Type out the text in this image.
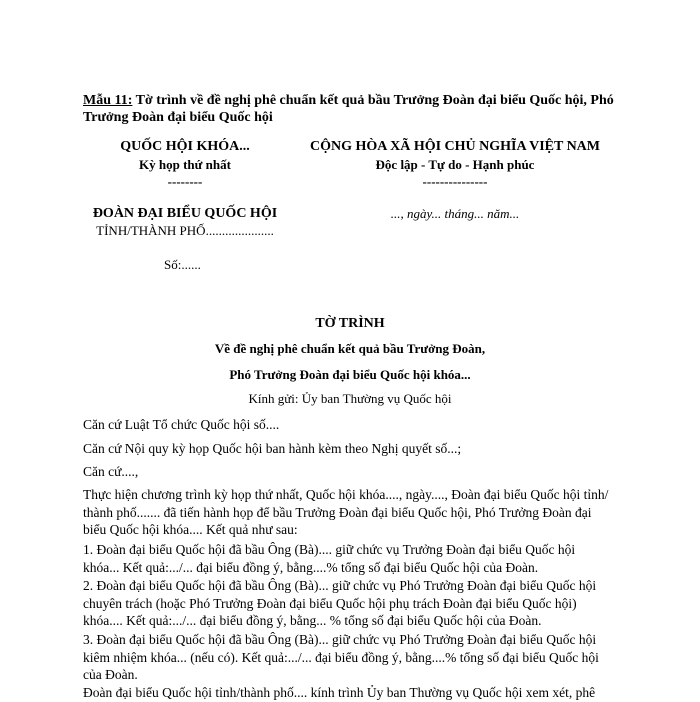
Mẫu 11: Tờ trình về đề nghị phê chuẩn kết quả bầu Trưởng Đoàn đại biểu Quốc hội, Phó
Trưởng Đoàn đại biểu Quốc hội
QUỐC HỘI KHÓA...
Kỳ họp thứ nhất
--------
ĐOÀN ĐẠI BIỂU QUỐC HỘI
TỈNH/THÀNH PHỐ.....................
Số:......
CỘNG HÒA XÃ HỘI CHỦ NGHĨA VIỆT NAM
Độc lập - Tự do - Hạnh phúc
---------------
..., ngày... tháng... năm...
TỜ TRÌNH
Về đề nghị phê chuẩn kết quả bầu Trưởng Đoàn,
Phó Trưởng Đoàn đại biểu Quốc hội khóa...
Kính gửi: Ủy ban Thường vụ Quốc hội
Căn cứ Luật Tổ chức Quốc hội số....
Căn cứ Nội quy kỳ họp Quốc hội ban hành kèm theo Nghị quyết số...;
Căn cứ....,
Thực hiện chương trình kỳ họp thứ nhất, Quốc hội khóa...., ngày...., Đoàn đại biểu Quốc hội tỉnh/
thành phố....... đã tiến hành họp để bầu Trưởng Đoàn đại biểu Quốc hội, Phó Trưởng Đoàn đại
biểu Quốc hội khóa.... Kết quả như sau:
1. Đoàn đại biểu Quốc hội đã bầu Ông (Bà).... giữ chức vụ Trưởng Đoàn đại biểu Quốc hội
khóa... Kết quả:.../... đại biểu đồng ý, bằng....% tổng số đại biểu Quốc hội của Đoàn.
2. Đoàn đại biểu Quốc hội đã bầu Ông (Bà)... giữ chức vụ Phó Trưởng Đoàn đại biểu Quốc hội
chuyên trách (hoặc Phó Trưởng Đoàn đại biểu Quốc hội phụ trách Đoàn đại biểu Quốc hội)
khóa.... Kết quả:.../... đại biểu đồng ý, bằng... % tổng số đại biểu Quốc hội của Đoàn.
3. Đoàn đại biểu Quốc hội đã bầu Ông (Bà)... giữ chức vụ Phó Trưởng Đoàn đại biểu Quốc hội
kiêm nhiệm khóa... (nếu có). Kết quả:.../... đại biểu đồng ý, bằng....% tổng số đại biểu Quốc hội
của Đoàn.
Đoàn đại biểu Quốc hội tỉnh/thành phố.... kính trình Ủy ban Thường vụ Quốc hội xem xét, phê
